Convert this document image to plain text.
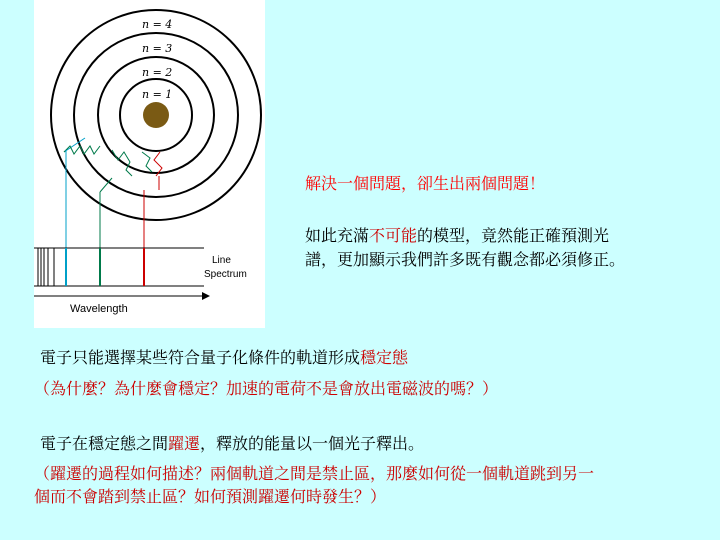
n = 4
n = 3
n = 2
n = 1
Line
Spectrum
Wavelength
解決一個問題，卻生出兩個問題！
如此充滿不可能的模型，竟然能正確預測光
譜，更加顯示我們許多既有觀念都必須修正。
電子只能選擇某些符合量子化條件的軌道形成穩定態
（為什麼？為什麼會穩定？加速的電荷不是會放出電磁波的嗎？）
電子在穩定態之間躍遷，釋放的能量以一個光子釋出。
（躍遷的過程如何描述？兩個軌道之間是禁止區，那麼如何從一個軌道跳到另一
個而不會踏到禁止區？如何預測躍遷何時發生？）
